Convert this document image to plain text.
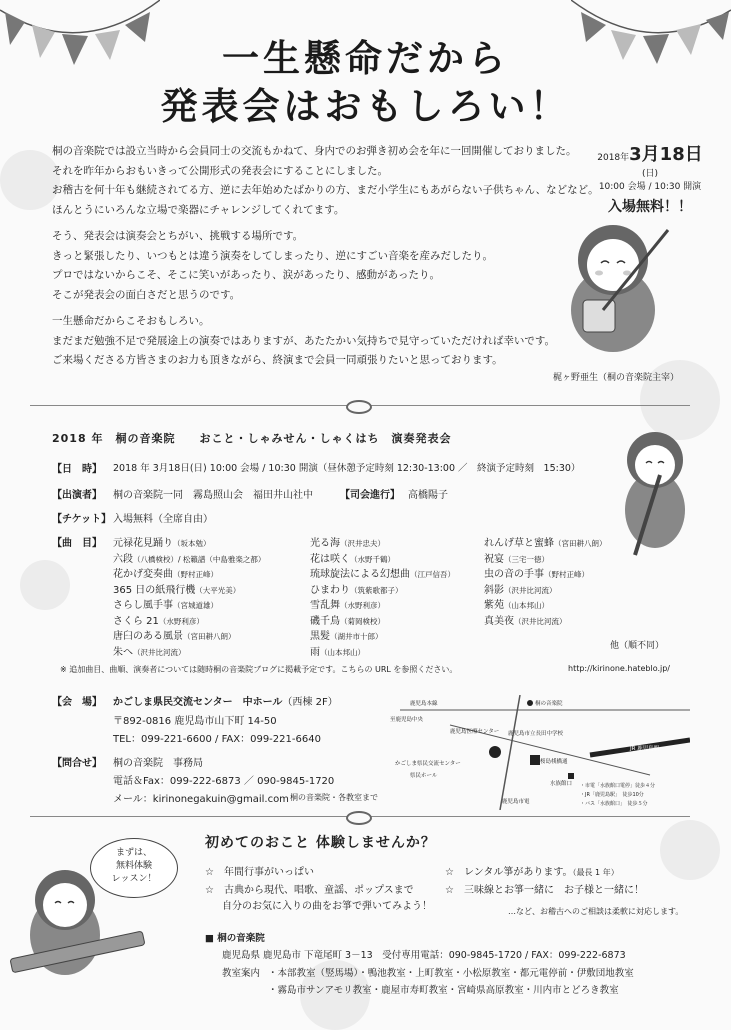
一生懸命だから
発表会はおもしろい！
桐の音楽院では設立当時から会員同士の交流もかねて、身内でのお弾き初め会を年に一回開催しておりました。
それを昨年からおもいきって公開形式の発表会にすることにしました。
お稽古を何十年も継続されてる方、逆に去年始めたばかりの方、まだ小学生にもあがらない子供ちゃん、などなど。
ほんとうにいろんな立場で楽器にチャレンジしてくれてます。
そう、発表会は演奏会とちがい、挑戦する場所です。
きっと緊張したり、いつもとは違う演奏をしてしまったり、逆にすごい音楽を産みだしたり。
プロではないからこそ、そこに笑いがあったり、涙があったり、感動があったり。
そこが発表会の面白さだと思うのです。
一生懸命だからこそおもしろい。
まだまだ勉強不足で発展途上の演奏ではありますが、あたたかい気持ちで見守っていただければ幸いです。
ご来場くださる方皆さまのお力も頂きながら、終演まで会員一同頑張りたいと思っております。
2018年3月18日(日)
10:00 会場 / 10:30 開演
入場無料！！
梶ヶ野亜生（桐の音楽院主宰）
2018 年　桐の音楽院　　おこと・しゃみせん・しゃくはち　演奏発表会
【日　時】 2018 年 3月18日(日) 10:00 会場 / 10:30 開演（昼休憩予定時刻 12:30-13:00 ／　終演予定時刻　15:30）
【出演者】 桐の音楽院一同　霧島照山会　福田井山社中	【司会進行】 高橋陽子
【チケット】 入場無料（全席自由）
【曲　目】 元禄花見踊り（坂本勉）
六段（八橋検校）/ 松籟譜（中島雅楽之都）
花かげ変奏曲（野村正峰）
365 日の紙飛行機（大平光美）
さらし風手事（宮城道雄）
さくら 21（水野利彦）
唐臼のある風景（宮田耕八朗）
朱へ（沢井比河流）
光る海（沢井忠夫）
花は咲く（水野千鶴）
琉球旋法による幻想曲（江戸信吾）
ひまわり（筑紫歌都子）
雪乱舞（水野利彦）
磯千鳥（菊岡検校）
黒髪（湖井市十郎）
雨（山本邦山）
れんげ草と蜜蜂（宮田耕八朗）
祝宴（三宅一徳）
虫の音の手事（野村正峰）
斜影（沢井比河流）
紫苑（山本邦山）
真美夜（沢井比河流）
他（順不同）
※ 追加曲目、曲順、演奏者については随時桐の音楽院ブログに掲載予定です。こちらの URL を参照ください。	http://kirinone.hateblo.jp/
【会　場】 かごしま県民交流センター　中ホール（西棟 2F）
〒892-0816 鹿児島市山下町 14-50
TEL：099-221-6600 / FAX：099-221-6640
【問合せ】 桐の音楽院　事務局
電話＆Fax：099-222-6873 ／ 090-9845-1720
メール：kirinonegakuin@gmail.com 桐の音楽院・各教室まで
鹿児島本線
至鹿児島中央
桐の音楽院
鹿児島医療センター 鹿児島市立長田中学校
かごしま県民交流センター
県民ホール
桜島桟橋通
水族館口
鹿児島市電
JR 鹿児島駅
・市電「水族館口電停」徒歩４分
・JR「鹿児島駅」　徒歩10分
・バス「水族館口」　徒歩５分
まずは、
無料体験
レッスン！
初めてのおこと 体験しませんか？
☆　年間行事がいっぱい
☆　古典から現代、唱歌、童謡、ポップスまで
自分のお気に入りの曲をお箏で弾いてみよう！
☆　レンタル箏があります。（最長 1 年）
☆　三味線とお箏一緒に　お子様と一緒に！
…など、お稽古へのご相談は柔軟に対応します。
■ 桐の音楽院
鹿児島県 鹿児島市 下竜尾町 3－13　受付専用電話：090-9845-1720 / FAX：099-222-6873
教室案内 ・本部教室（竪馬場）・鴨池教室・上町教室・小松原教室・都元電停前・伊敷団地教室
・霧島市サンアモリ教室・鹿屋市寿町教室・宮崎県高原教室・川内市とどろき教室
